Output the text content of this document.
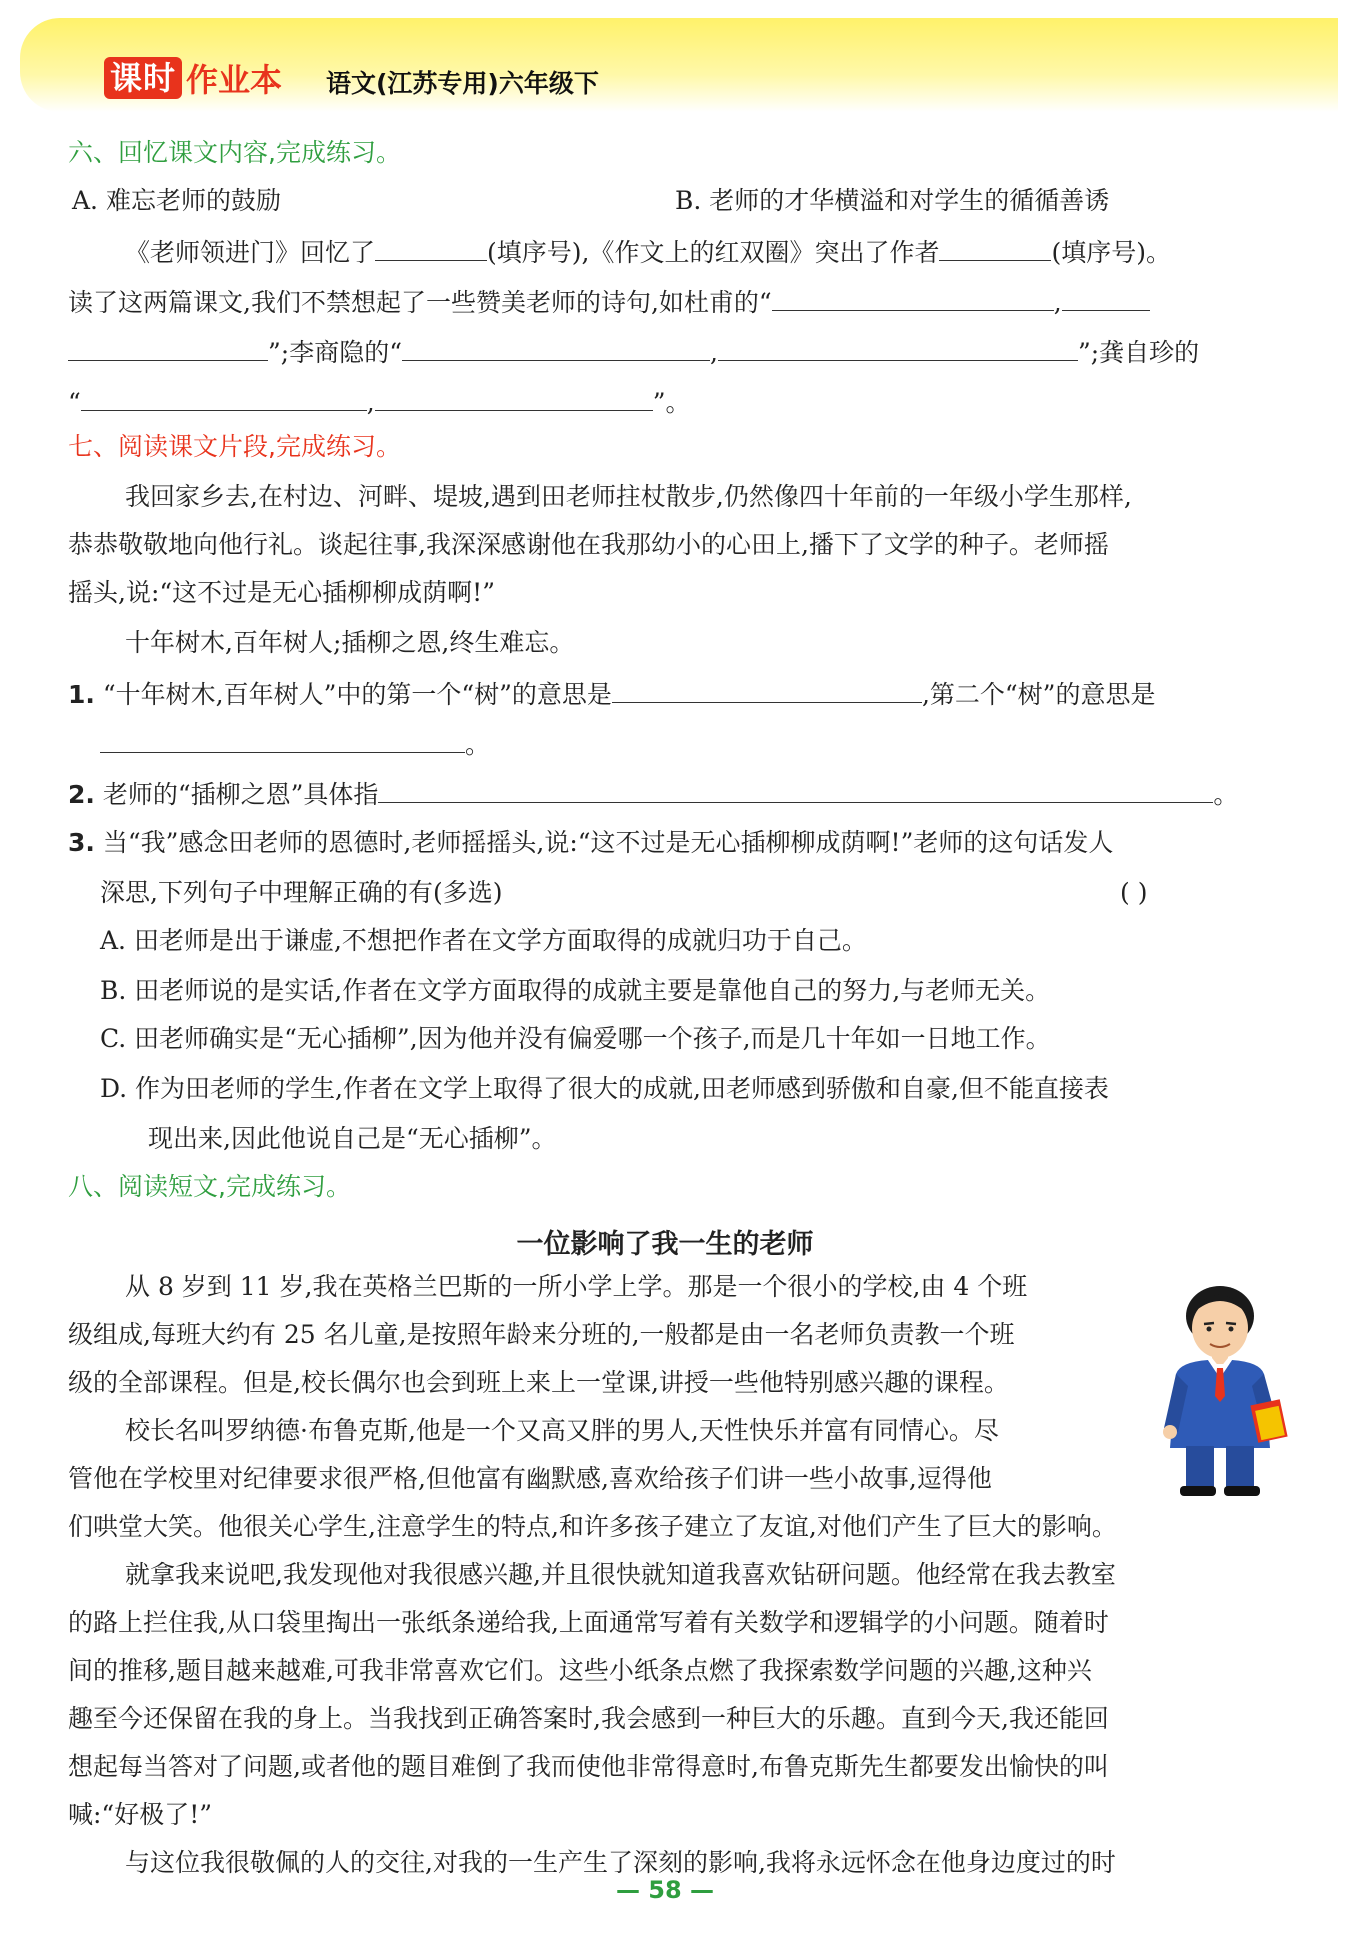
课时 作业本 语文(江苏专用)六年级下
六、回忆课文内容,完成练习。
A. 难忘老师的鼓励	B. 老师的才华横溢和对学生的循循善诱
《老师领进门》回忆了	(填序号),《作文上的红双圈》突出了作者	(填序号)。
读了这两篇课文,我们不禁想起了一些赞美老师的诗句,如杜甫的“	,
”;李商隐的“	,	”;龚自珍的
“	,	”。
七、阅读课文片段,完成练习。
我回家乡去,在村边、河畔、堤坡,遇到田老师拄杖散步,仍然像四十年前的一年级小学生那样,
恭恭敬敬地向他行礼。谈起往事,我深深感谢他在我那幼小的心田上,播下了文学的种子。老师摇
摇头,说:“这不过是无心插柳柳成荫啊!”
十年树木,百年树人;插柳之恩,终生难忘。
1. “十年树木,百年树人”中的第一个“树”的意思是	,第二个“树”的意思是
。
2. 老师的“插柳之恩”具体指	。
3. 当“我”感念田老师的恩德时,老师摇摇头,说:“这不过是无心插柳柳成荫啊!”老师的这句话发人
深思,下列句子中理解正确的有(多选)	( )
A. 田老师是出于谦虚,不想把作者在文学方面取得的成就归功于自己。
B. 田老师说的是实话,作者在文学方面取得的成就主要是靠他自己的努力,与老师无关。
C. 田老师确实是“无心插柳”,因为他并没有偏爱哪一个孩子,而是几十年如一日地工作。
D. 作为田老师的学生,作者在文学上取得了很大的成就,田老师感到骄傲和自豪,但不能直接表
现出来,因此他说自己是“无心插柳”。
八、阅读短文,完成练习。
一位影响了我一生的老师
从 8 岁到 11 岁,我在英格兰巴斯的一所小学上学。那是一个很小的学校,由 4 个班
级组成,每班大约有 25 名儿童,是按照年龄来分班的,一般都是由一名老师负责教一个班
级的全部课程。但是,校长偶尔也会到班上来上一堂课,讲授一些他特别感兴趣的课程。
校长名叫罗纳德·布鲁克斯,他是一个又高又胖的男人,天性快乐并富有同情心。尽
管他在学校里对纪律要求很严格,但他富有幽默感,喜欢给孩子们讲一些小故事,逗得他
们哄堂大笑。他很关心学生,注意学生的特点,和许多孩子建立了友谊,对他们产生了巨大的影响。
就拿我来说吧,我发现他对我很感兴趣,并且很快就知道我喜欢钻研问题。他经常在我去教室
的路上拦住我,从口袋里掏出一张纸条递给我,上面通常写着有关数学和逻辑学的小问题。随着时
间的推移,题目越来越难,可我非常喜欢它们。这些小纸条点燃了我探索数学问题的兴趣,这种兴
趣至今还保留在我的身上。当我找到正确答案时,我会感到一种巨大的乐趣。直到今天,我还能回
想起每当答对了问题,或者他的题目难倒了我而使他非常得意时,布鲁克斯先生都要发出愉快的叫
喊:“好极了!”
与这位我很敬佩的人的交往,对我的一生产生了深刻的影响,我将永远怀念在他身边度过的时
— 58 —
